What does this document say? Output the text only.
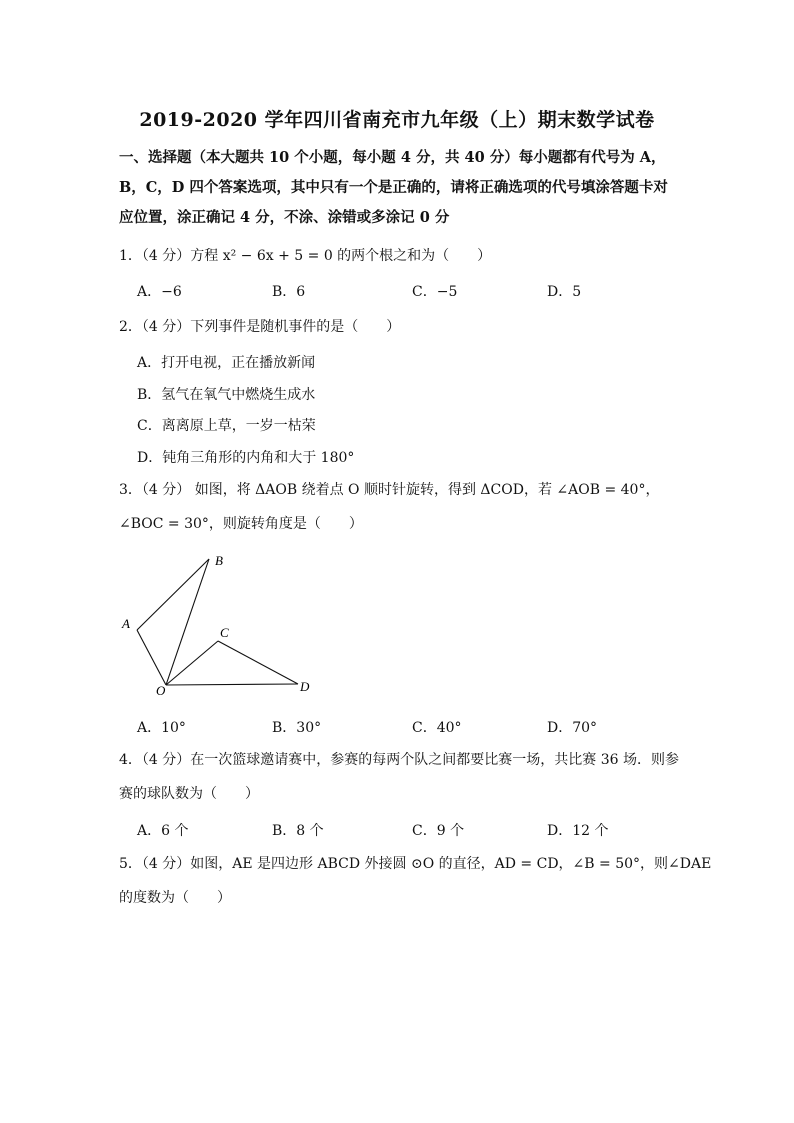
2019-2020 学年四川省南充市九年级（上）期末数学试卷
一、选择题（本大题共 10 个小题，每小题 4 分，共 40 分）每小题都有代号为 A，B，C，D 四个答案选项，其中只有一个是正确的，请将正确选项的代号填涂答题卡对应位置，涂正确记 4 分，不涂、涂错或多涂记 0 分
1．（4 分）方程 x² − 6x + 5 = 0 的两个根之和为（　　）
A．−6	B．6	C．−5	D．5
2．（4 分）下列事件是随机事件的是（　　）
A．打开电视，正在播放新闻
B．氢气在氧气中燃烧生成水
C．离离原上草，一岁一枯荣
D．钝角三角形的内角和大于 180°
3．（4 分） 如图，将 ΔAOB 绕着点 O 顺时针旋转，得到 ΔCOD，若 ∠AOB = 40°，
∠BOC = 30°，则旋转角度是（　　）
B
A
C
O	D
A．10°	B．30°	C．40°	D．70°
4．（4 分）在一次篮球邀请赛中，参赛的每两个队之间都要比赛一场，共比赛 36 场．则参
赛的球队数为（　　）
A．6 个	B．8 个	C．9 个	D．12 个
5．（4 分）如图，AE 是四边形 ABCD 外接圆 ⊙O 的直径，AD = CD，∠B = 50°，则∠DAE
的度数为（　　）
